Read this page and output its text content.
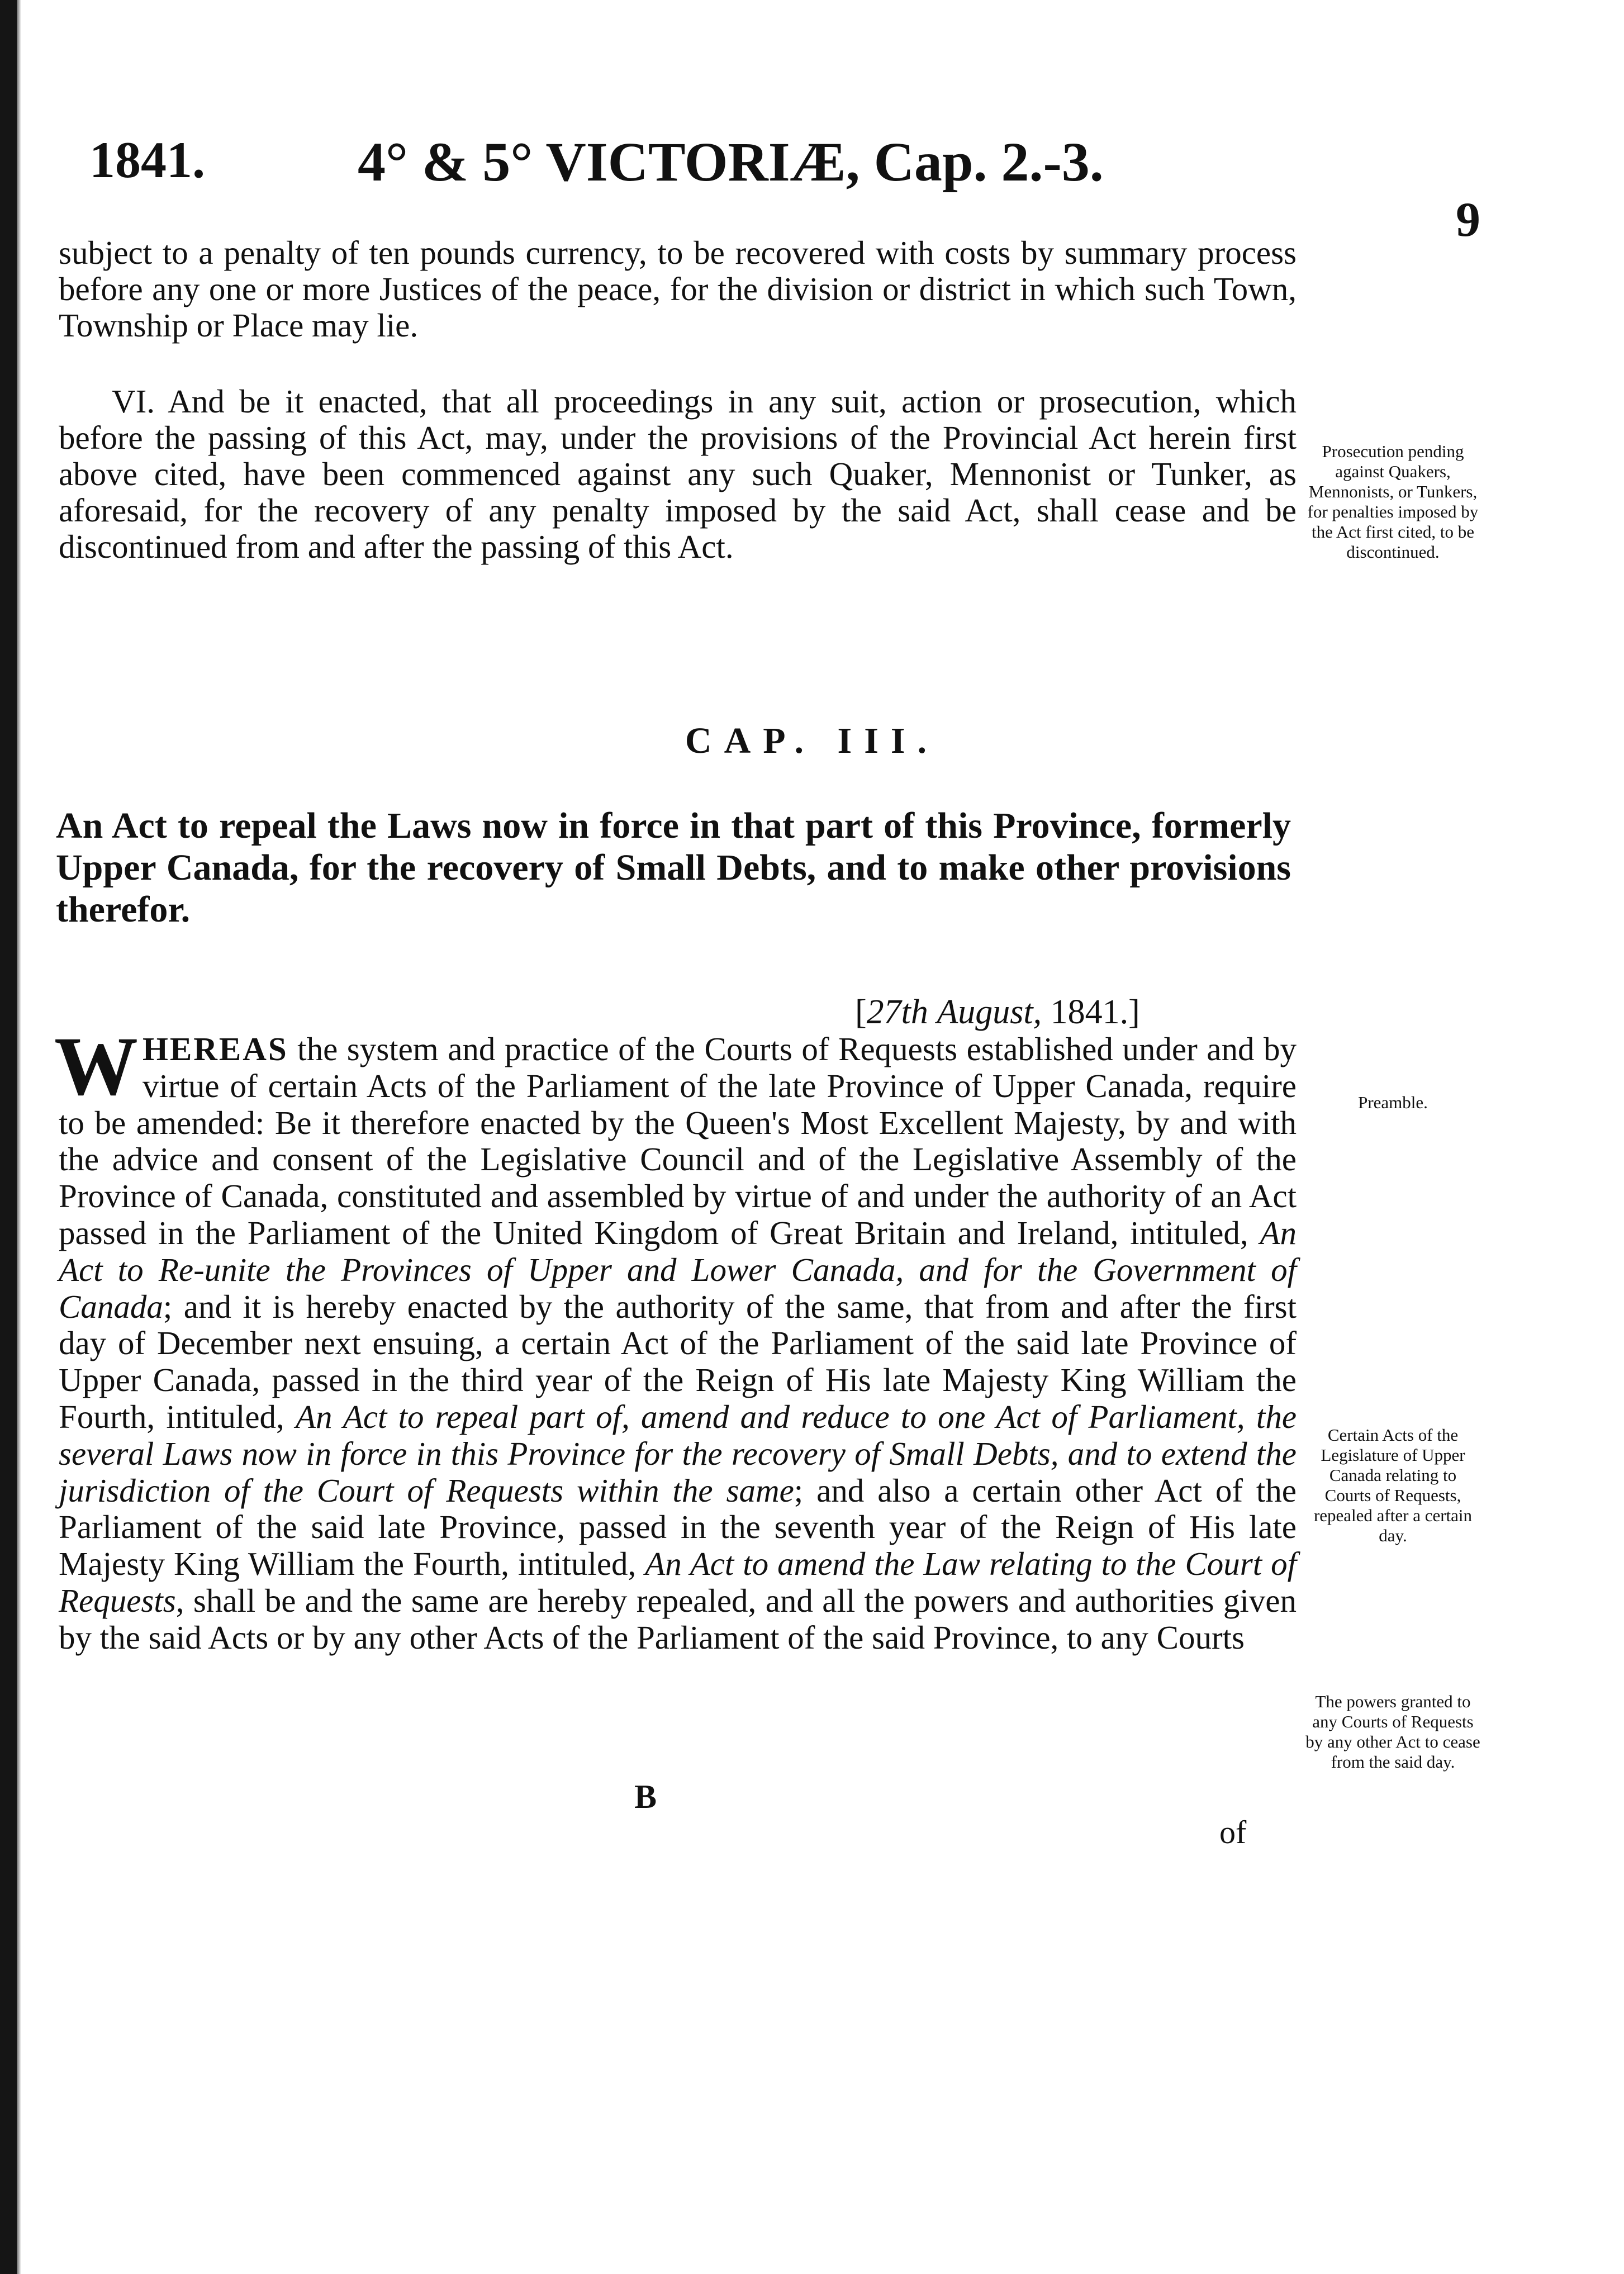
1841.	4° & 5° VICTORIÆ, Cap. 2.-3.
9

subject to a penalty of ten pounds currency, to be recovered with costs by summary process before any one or more Justices of the peace, for the division or district in which such Town, Township or Place may lie.

VI. And be it enacted, that all proceedings in any suit, action or prosecution, which before the passing of this Act, may, under the provisions of the Provincial Act herein first above cited, have been commenced against any such Quaker, Mennonist or Tunker, as aforesaid, for the recovery of any penalty imposed by the said Act, shall cease and be discontinued from and after the passing of this Act.

Prosecution pending against Quakers, Mennonists, or Tunkers, for penalties imposed by the Act first cited, to be discontinued.
CAP. III.
An Act to repeal the Laws now in force in that part of this Province, formerly Upper Canada, for the recovery of Small Debts, and to make other provisions therefor.
[27th August, 1841.]

WHEREAS the system and practice of the Courts of Requests established under and by virtue of certain Acts of the Parliament of the late Province of Upper Canada, require to be amended: Be it therefore enacted by the Queen's Most Excellent Majesty, by and with the advice and consent of the Legislative Council and of the Legislative Assembly of the Province of Canada, constituted and assembled by virtue of and under the authority of an Act passed in the Parliament of the United Kingdom of Great Britain and Ireland, intituled, An Act to Re-unite the Provinces of Upper and Lower Canada, and for the Government of Canada; and it is hereby enacted by the authority of the same, that from and after the first day of December next ensuing, a certain Act of the Parliament of the said late Province of Upper Canada, passed in the third year of the Reign of His late Majesty King William the Fourth, intituled, An Act to repeal part of, amend and reduce to one Act of Parliament, the several Laws now in force in this Province for the recovery of Small Debts, and to extend the jurisdiction of the Court of Requests within the same; and also a certain other Act of the Parliament of the said late Province, passed in the seventh year of the Reign of His late Majesty King William the Fourth, intituled, An Act to amend the Law relating to the Court of Requests, shall be and the same are hereby repealed, and all the powers and authorities given by the said Acts or by any other Acts of the Parliament of the said Province, to any Courts

Preamble.
Certain Acts of the Legislature of Upper Canada relating to Courts of Requests, repealed after a certain day.
The powers granted to any Courts of Requests by any other Act to cease from the said day.
B
of
